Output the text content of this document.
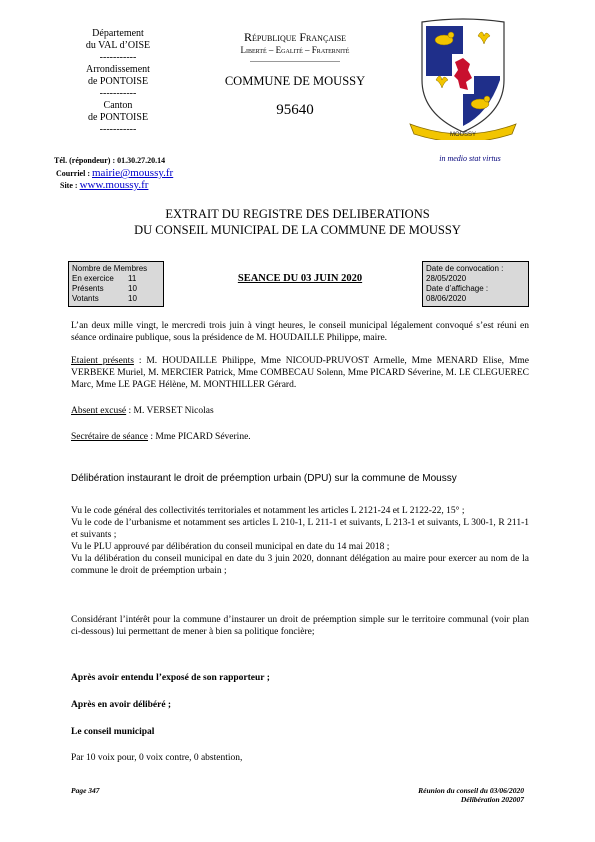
Département
du VAL d’OISE
-----------
Arrondissement
de PONTOISE
-----------
Canton
de PONTOISE
-----------
République Française
Liberté – Egalité – Fraternité
COMMUNE DE MOUSSY
95640
MOUSSY
in medio stat virtus
Tél. (répondeur) : 01.30.27.20.14
Courriel : mairie@moussy.fr
Site : www.moussy.fr
EXTRAIT DU REGISTRE DES DELIBERATIONS
DU CONSEIL MUNICIPAL DE LA COMMUNE DE MOUSSY
Nombre de Membres
En exercice	11
Présents	10
Votants	10
SEANCE DU 03 JUIN 2020
Date de convocation :
28/05/2020
Date d’affichage :
08/06/2020
L’an deux mille vingt, le mercredi trois juin à vingt heures, le conseil municipal légalement convoqué s’est réuni en séance ordinaire publique, sous la présidence de M. HOUDAILLE Philippe, maire.
Etaient présents : M. HOUDAILLE Philippe, Mme NICOUD-PRUVOST Armelle, Mme MENARD Elise, Mme VERBEKE Muriel, M. MERCIER Patrick, Mme COMBECAU Solenn, Mme PICARD Séverine, M. LE CLEGUEREC Marc, Mme LE PAGE Hélène, M. MONTHILLER Gérard.
Absent excusé : M. VERSET Nicolas
Secrétaire de séance : Mme PICARD Séverine.
Délibération instaurant le droit de préemption urbain (DPU) sur la commune de Moussy
Vu le code général des collectivités territoriales et notamment les articles L 2121-24 et L 2122-22, 15° ;
Vu le code de l’urbanisme et notamment ses articles L 210-1, L 211-1 et suivants, L 213-1 et suivants, L 300-1, R 211-1 et suivants ;
Vu le PLU approuvé par délibération du conseil municipal en date du 14 mai 2018 ;
Vu la délibération du conseil municipal en date du 3 juin 2020, donnant délégation au maire pour exercer au nom de la commune le droit de préemption urbain ;
Considérant l’intérêt pour la commune d’instaurer un droit de préemption simple sur le territoire communal (voir plan ci-dessous) lui permettant de mener à bien sa politique foncière;
Après avoir entendu l’exposé de son rapporteur ;
Après en avoir délibéré ;
Le conseil municipal
Par 10 voix pour, 0 voix contre, 0 abstention,
Page 347	Réunion du conseil du 03/06/2020
Délibération 202007
